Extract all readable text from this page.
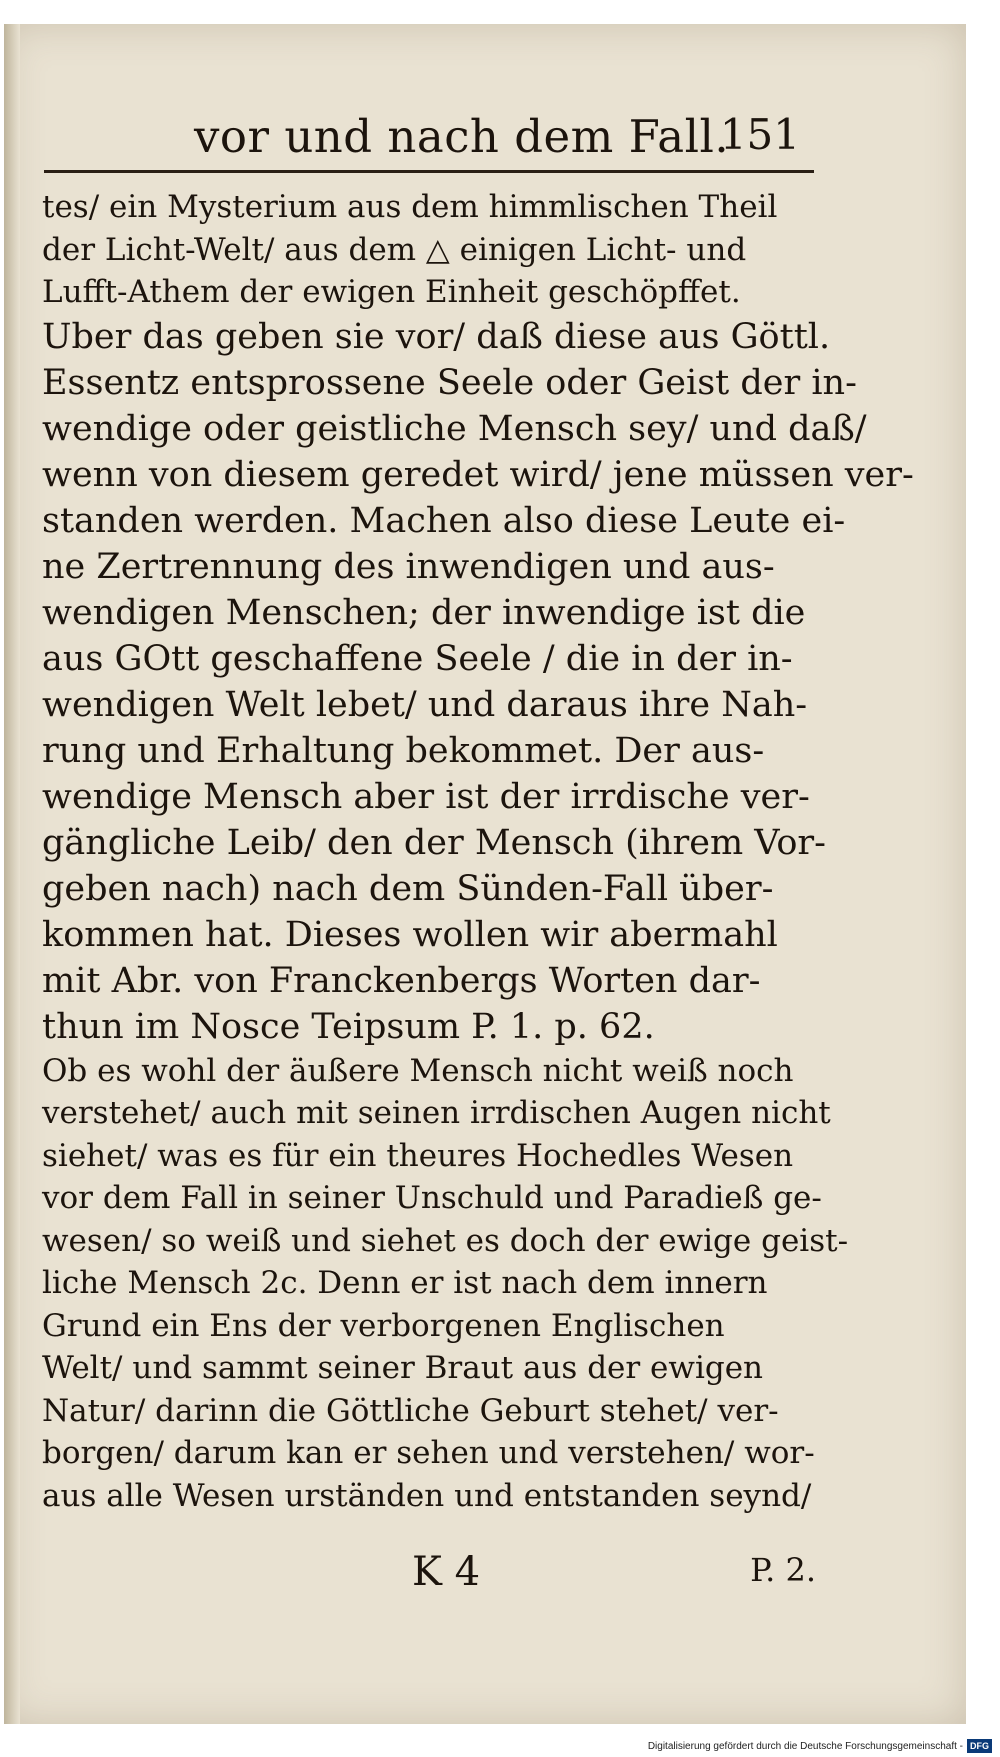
vor und nach dem Fall.
151
tes/ ein Mysterium aus dem himmlischen Theil
der Licht-Welt/ aus dem △ einigen Licht- und
Lufft-Athem der ewigen Einheit geschöpffet.
Uber das geben sie vor/ daß diese aus Göttl.
Essentz entsprossene Seele oder Geist der in-
wendige oder geistliche Mensch sey/ und daß/
wenn von diesem geredet wird/ jene müssen ver-
standen werden. Machen also diese Leute ei-
ne Zertrennung des inwendigen und aus-
wendigen Menschen; der inwendige ist die
aus GOtt geschaffene Seele / die in der in-
wendigen Welt lebet/ und daraus ihre Nah-
rung und Erhaltung bekommet. Der aus-
wendige Mensch aber ist der irrdische ver-
gängliche Leib/ den der Mensch (ihrem Vor-
geben nach) nach dem Sünden-Fall über-
kommen hat. Dieses wollen wir abermahl
mit Abr. von Franckenbergs Worten dar-
thun im Nosce Teipsum P. 1. p. 62.
Ob es wohl der äußere Mensch nicht weiß noch
verstehet/ auch mit seinen irrdischen Augen nicht
siehet/ was es für ein theures Hochedles Wesen
vor dem Fall in seiner Unschuld und Paradieß ge-
wesen/ so weiß und siehet es doch der ewige geist-
liche Mensch 2c. Denn er ist nach dem innern
Grund ein Ens der verborgenen Englischen
Welt/ und sammt seiner Braut aus der ewigen
Natur/ darinn die Göttliche Geburt stehet/ ver-
borgen/ darum kan er sehen und verstehen/ wor-
aus alle Wesen urständen und entstanden seynd/
K 4	P. 2.
Digitalisierung gefördert durch die Deutsche Forschungsgemeinschaft - DFG
